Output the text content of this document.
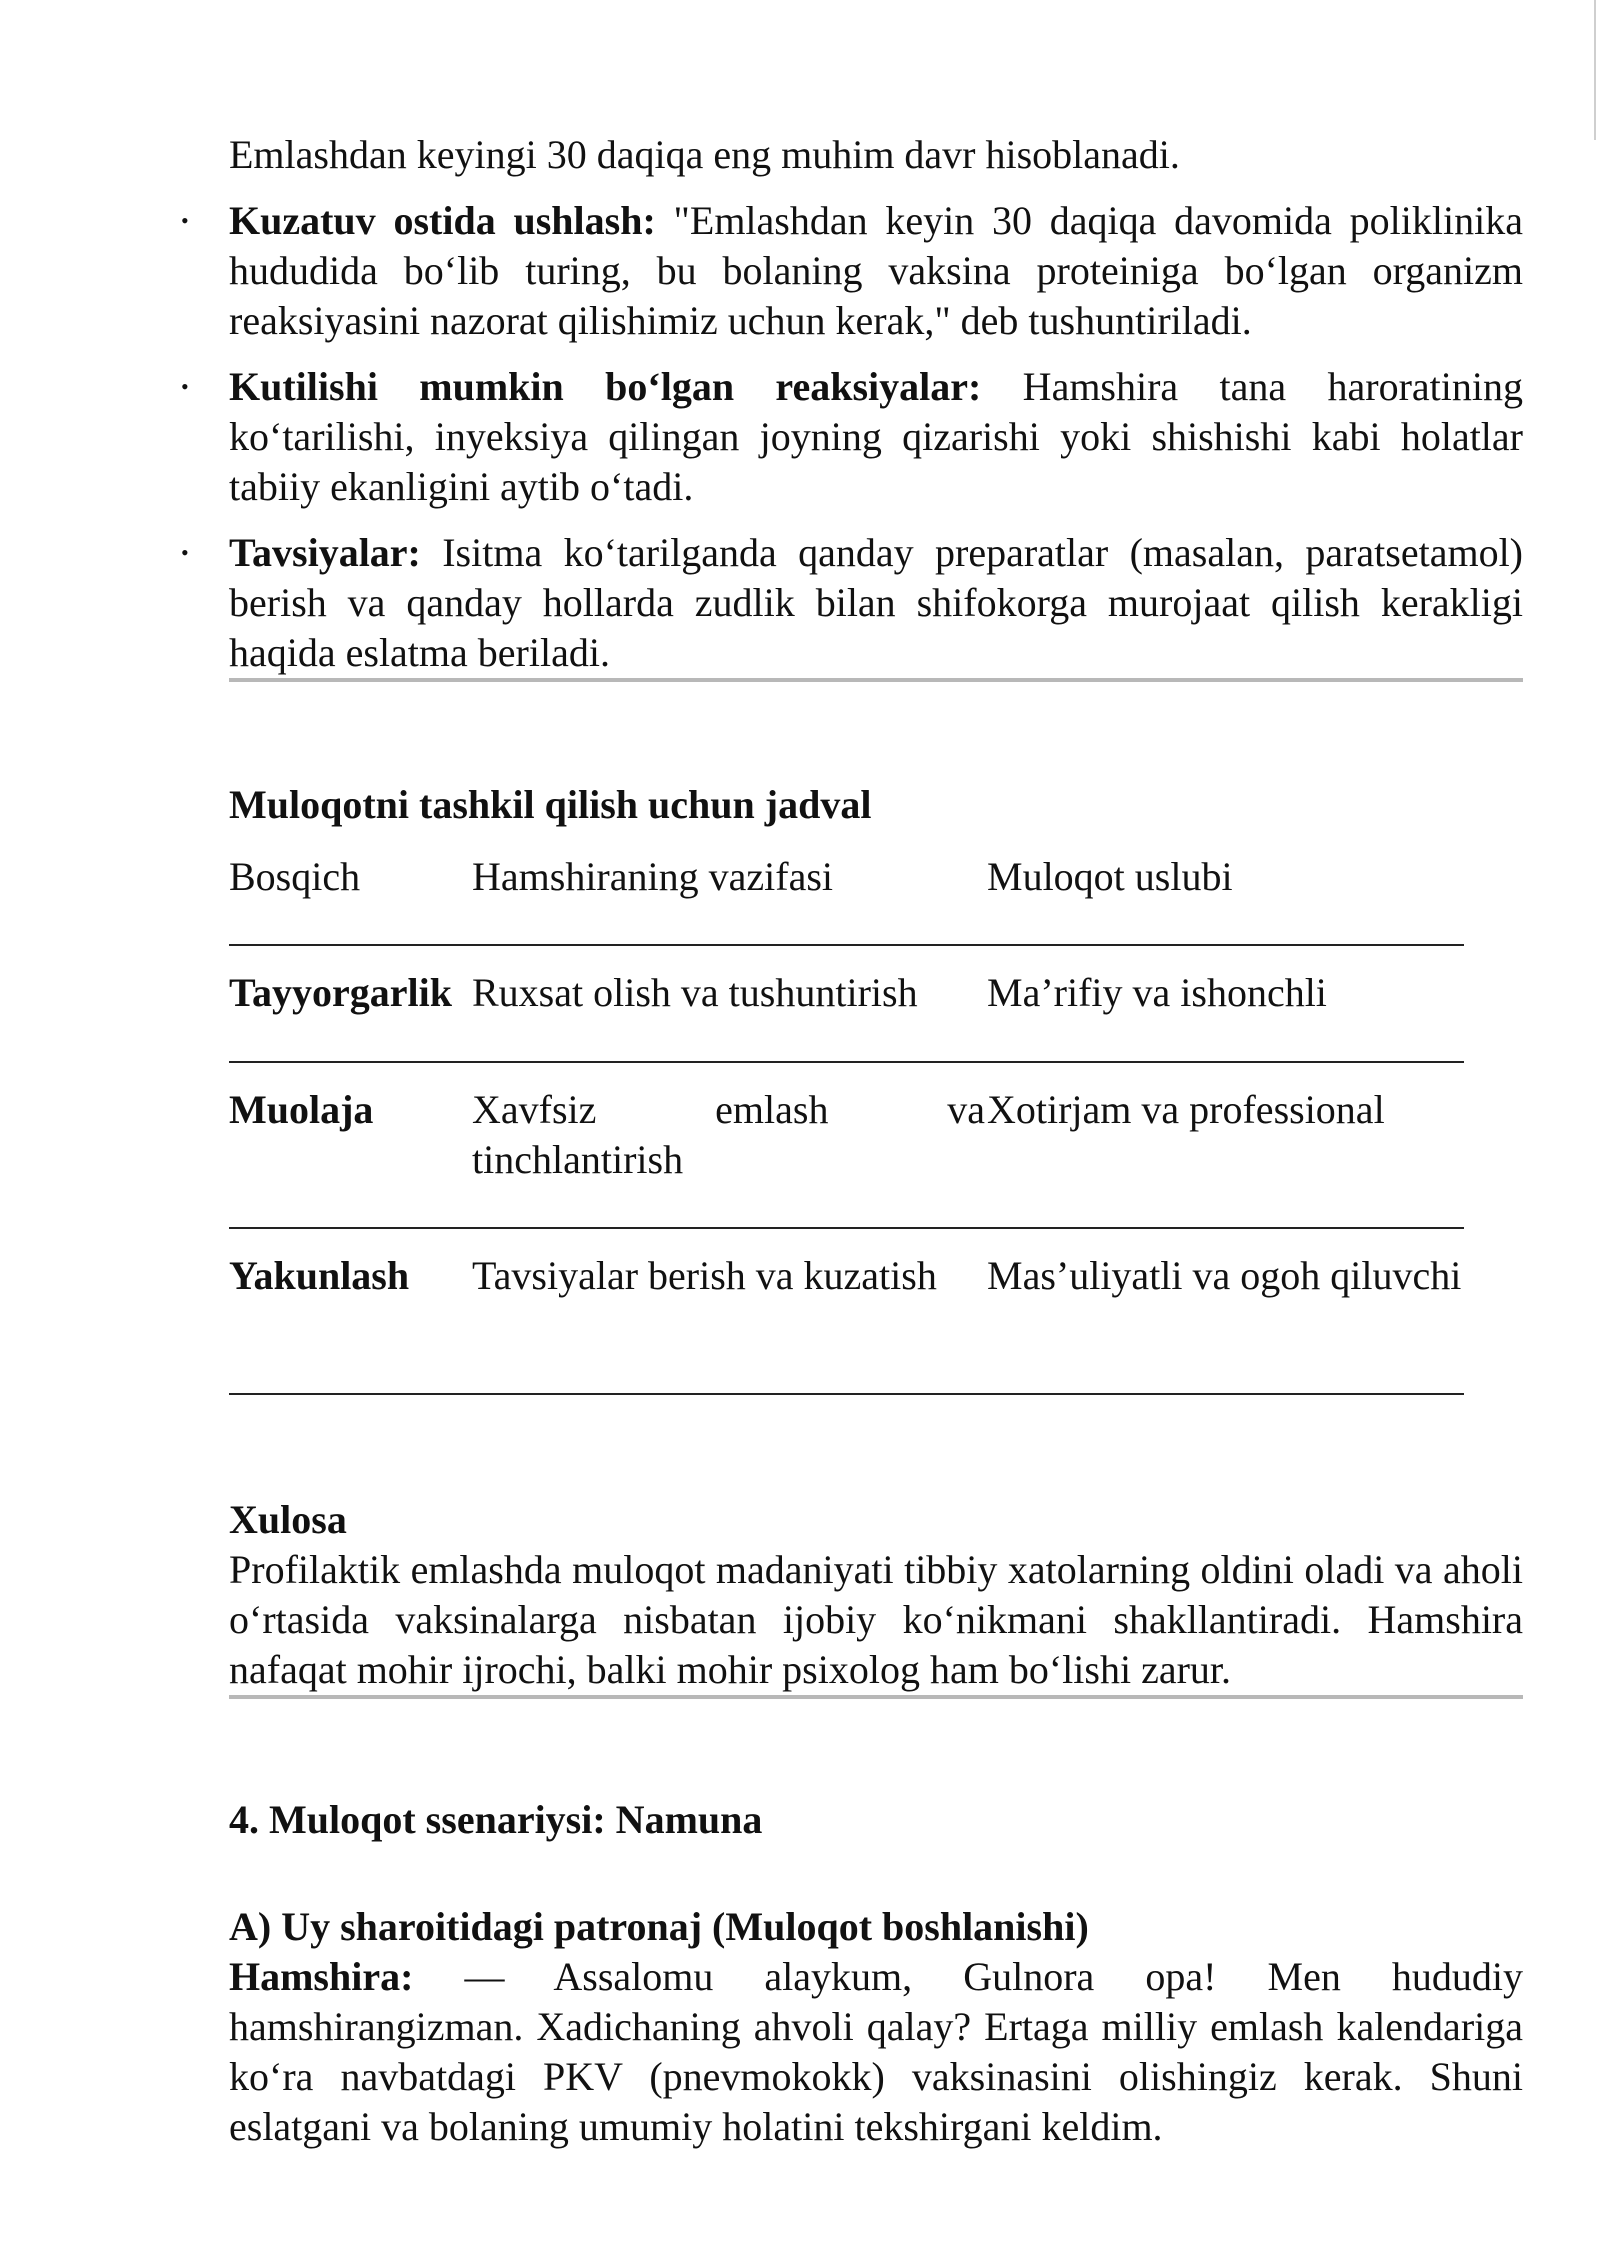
Emlashdan keyingi 30 daqiqa eng muhim davr hisoblanadi.

• Kuzatuv ostida ushlash: "Emlashdan keyin 30 daqiqa davomida poliklinika hududida bo‘lib turing, bu bolaning vaksina proteiniga bo‘lgan organizm reaksiyasini nazorat qilishimiz uchun kerak," deb tushuntiriladi.
• Kutilishi mumkin bo‘lgan reaksiyalar: Hamshira tana haroratining ko‘tarilishi, inyeksiya qilingan joyning qizarishi yoki shishishi kabi holatlar tabiiy ekanligini aytib o‘tadi.
• Tavsiyalar: Isitma ko‘tarilganda qanday preparatlar (masalan, paratsetamol) berish va qanday hollarda zudlik bilan shifokorga murojaat qilish kerakligi haqida eslatma beriladi.

Muloqotni tashkil qilish uchun jadval

Bosqich	Hamshiraning vazifasi	Muloqot uslubi
Tayyorgarlik	Ruxsat olish va tushuntirish	Ma’rifiy va ishonchli
Muolaja	Xavfsiz emlash va tinchlantirish	Xotirjam va professional
Yakunlash	Tavsiyalar berish va kuzatish	Mas’uliyatli va ogoh qiluvchi

Xulosa

Profilaktik emlashda muloqot madaniyati tibbiy xatolarning oldini oladi va aholi o‘rtasida vaksinalarga nisbatan ijobiy ko‘nikmani shakllantiradi. Hamshira nafaqat mohir ijrochi, balki mohir psixolog ham bo‘lishi zarur.

4. Muloqot ssenariysi: Namuna

A) Uy sharoitidagi patronaj (Muloqot boshlanishi)

Hamshira: — Assalomu alaykum, Gulnora opa! Men hududiy hamshirangizman. Xadichaning ahvoli qalay? Ertaga milliy emlash kalendariga ko‘ra navbatdagi PKV (pnevmokokk) vaksinasini olishingiz kerak. Shuni eslatgani va bolaning umumiy holatini tekshirgani keldim.
